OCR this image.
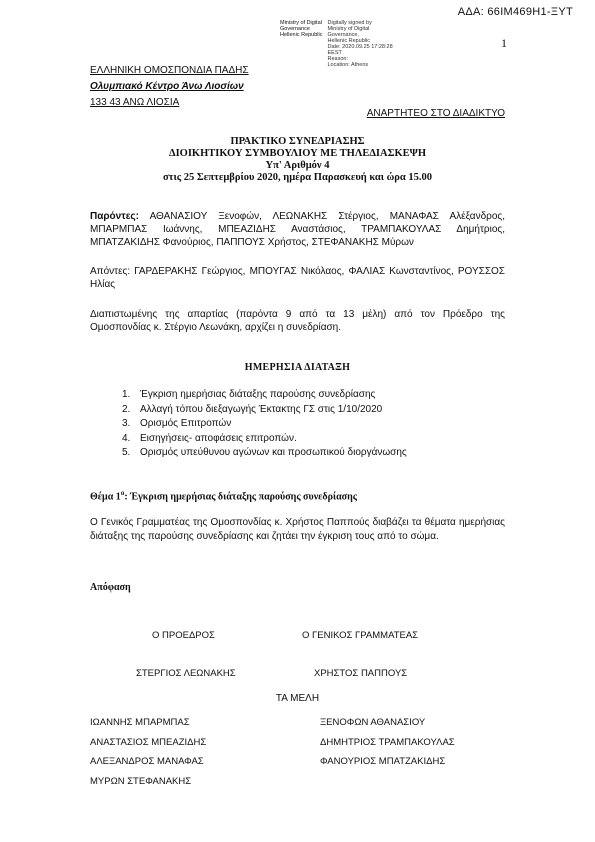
ΑΔΑ: 66ΙΜ469Η1-ΞΥΤ
Ministry of Digital
Governance
Hellenic Republic
Digitally signed by
Ministry of Digital
Governance,
Hellenic Republic
Date: 2020.09.25 17:28:28
EEST
Reason:
Location: Athens
1
ΕΛΛΗΝΙΚΗ ΟΜΟΣΠΟΝΔΙΑ ΠΑΔΗΣ
Ολυμπιακό Κέντρο Άνω Λιοσίων
133 43 ΑΝΩ ΛΙΟΣΙΑ
ΑΝΑΡΤΗΤΕΟ ΣΤΟ ΔΙΑΔΙΚΤΥΟ
ΠΡΑΚΤΙΚΟ ΣΥΝΕΔΡΙΑΣΗΣ
ΔΙΟΙΚΗΤΙΚΟΥ ΣΥΜΒΟΥΛΙΟΥ ΜΕ ΤΗΛΕΔΙΑΣΚΕΨΗ
Υπ' Αριθμόν 4
στις 25 Σεπτεμβρίου 2020, ημέρα Παρασκευή και ώρα 15.00
Παρόντες: ΑΘΑΝΑΣΙΟΥ Ξενοφών, ΛΕΩΝΑΚΗΣ Στέργιος, ΜΑΝΑΦΑΣ Αλέξανδρος, ΜΠΑΡΜΠΑΣ Ιωάννης, ΜΠΕΑΖΙΔΗΣ Αναστάσιος, ΤΡΑΜΠΑΚΟΥΛΑΣ Δημήτριος, ΜΠΑΤΖΑΚΙΔΗΣ Φανούριος, ΠΑΠΠΟΥΣ Χρήστος, ΣΤΕΦΑΝΑΚΗΣ Μύρων
Απόντες: ΓΑΡΔΕΡΑΚΗΣ Γεώργιος, ΜΠΟΥΓΑΣ Νικόλαος, ΦΑΛΙΑΣ Κωνσταντίνος, ΡΟΥΣΣΟΣ Ηλίας
Διαπιστωμένης της απαρτίας (παρόντα 9 από τα 13 μέλη) από τον Πρόεδρο της Ομοσπονδίας κ. Στέργιο Λεωνάκη, αρχίζει η συνεδρίαση.
ΗΜΕΡΗΣΙΑ ΔΙΑΤΑΞΗ
1. Έγκριση ημερήσιας διάταξης παρούσης συνεδρίασης
2. Αλλαγή τόπου διεξαγωγής Έκτακτης ΓΣ στις 1/10/2020
3. Ορισμός Επιτροπών
4. Εισηγήσεις- αποφάσεις επιτροπών.
5. Ορισμός υπεύθυνου αγώνων και προσωπικού διοργάνωσης
Θέμα $1^o$: Έγκριση ημερήσιας διάταξης παρούσης συνεδρίασης
Ο Γενικός Γραμματέας της Ομοσπονδίας κ. Χρήστος Παππούς διαβάζει τα θέματα ημερήσιας διάταξης της παρούσης συνεδρίασης και ζητάει την έγκριση τους από το σώμα.
Απόφαση
Ο ΠΡΟΕΔΡΟΣ	Ο ΓΕΝΙΚΟΣ ΓΡΑΜΜΑΤΕΑΣ
ΣΤΕΡΓΙΟΣ ΛΕΩΝΑΚΗΣ	ΧΡΗΣΤΟΣ ΠΑΠΠΟΥΣ
ΤΑ ΜΕΛΗ
ΙΩΑΝΝΗΣ ΜΠΑΡΜΠΑΣ
ΑΝΑΣΤΑΣΙΟΣ ΜΠΕΑΖΙΔΗΣ
ΑΛΕΞΑΝΔΡΟΣ ΜΑΝΑΦΑΣ
ΜΥΡΩΝ ΣΤΕΦΑΝΑΚΗΣ
ΞΕΝΟΦΩΝ ΑΘΑΝΑΣΙΟΥ
ΔΗΜΗΤΡΙΟΣ ΤΡΑΜΠΑΚΟΥΛΑΣ
ΦΑΝΟΥΡΙΟΣ ΜΠΑΤΖΑΚΙΔΗΣ
